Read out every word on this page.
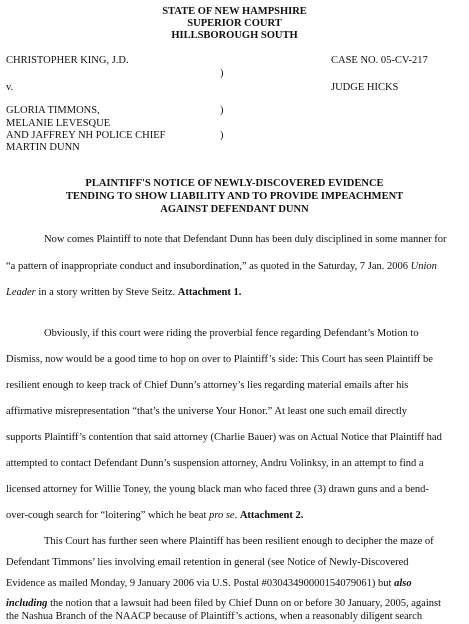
STATE OF NEW HAMPSHIRE
SUPERIOR COURT
HILLSBOROUGH SOUTH
CHRISTOPHER KING, J.D.	CASE NO. 05-CV-217
)
v.	JUDGE HICKS
)
GLORIA TIMMONS,
MELANIE LEVESQUE
AND JAFFREY NH POLICE CHIEF	)
MARTIN DUNN
PLAINTIFF'S NOTICE OF NEWLY-DISCOVERED EVIDENCE
TENDING TO SHOW LIABILITY AND TO PROVIDE IMPEACHMENT
AGAINST DEFENDANT DUNN
Now comes Plaintiff to note that Defendant Dunn has been duly disciplined in some manner for
“a pattern of inappropriate conduct and insubordination,” as quoted in the Saturday, 7 Jan. 2006 Union
Leader in a story written by Steve Seitz. Attachment 1.
Obviously, if this court were riding the proverbial fence regarding Defendant’s Motion to
Dismiss, now would be a good time to hop on over to Plaintiff’s side: This Court has seen Plaintiff be
resilient enough to keep track of Chief Dunn’s attorney’s lies regarding material emails after his
affirmative misrepresentation “that’s the universe Your Honor.” At least one such email directly
supports Plaintiff’s contention that said attorney (Charlie Bauer) was on Actual Notice that Plaintiff had
attempted to contact Defendant Dunn’s suspension attorney, Andru Volinksy, in an attempt to find a
licensed attorney for Willie Toney, the young black man who faced three (3) drawn guns and a bend-
over-cough search for “loitering” which he beat pro se. Attachment 2.
This Court has further seen where Plaintiff has been resilient enough to decipher the maze of
Defendant Timmons’ lies involving email retention in general (see Notice of Newly-Discovered
Evidence as mailed Monday, 9 January 2006 via U.S. Postal #03043490000154079061) but also
including the notion that a lawsuit had been filed by Chief Dunn on or before 30 January, 2005, against
the Nashua Branch of the NAACP because of Plaintiff’s actions, when a reasonably diligent search
